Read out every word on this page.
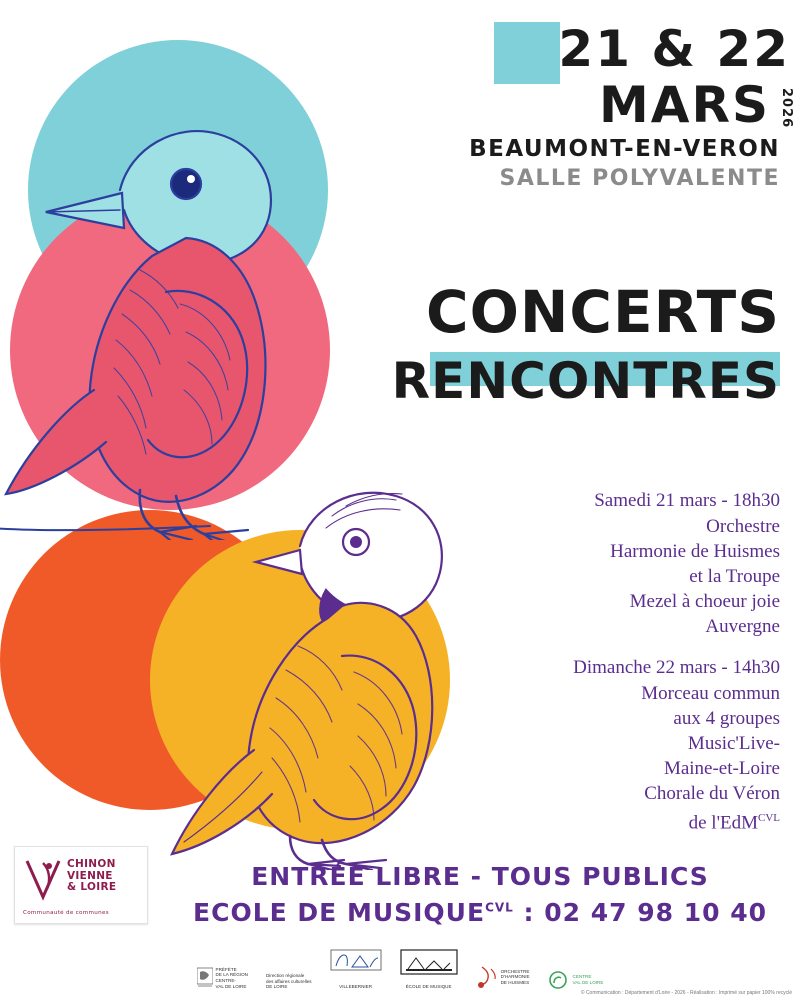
21 & 22
MARS 2026
BEAUMONT-EN-VERON
SALLE POLYVALENTE
CONCERTS
RENCONTRES
Samedi 21 mars - 18h30
Orchestre
Harmonie de Huismes
et la Troupe
Mezel à choeur joie
Auvergne
Dimanche 22 mars - 14h30
Morceau commun
aux 4 groupes
Music'Live-
Maine-et-Loire
Chorale du Véron
de l'EdM$^{CVL}$
ENTRÉE LIBRE - TOUS PUBLICS
ECOLE DE $MUSIQUE^{CVL}$ : 02 47 98 10 40
CHINON
VIENNE
& LOIRE
Communauté de communes
PRÉFÈTE
DE LA RÉGION
CENTRE-
VAL DE LOIRE
Direction régionale
des affaires culturelles
DE LOIRE	VILLEBERNIER	ÉCOLE DE MUSIQUE
ORCHESTRE
D'HARMONIE
DE HUISMES
CENTRE
VAL DE LOIRE
© Communication : Département d'Loire - 2026 - Réalisation : Imprimé sur papier 100% recyclé
